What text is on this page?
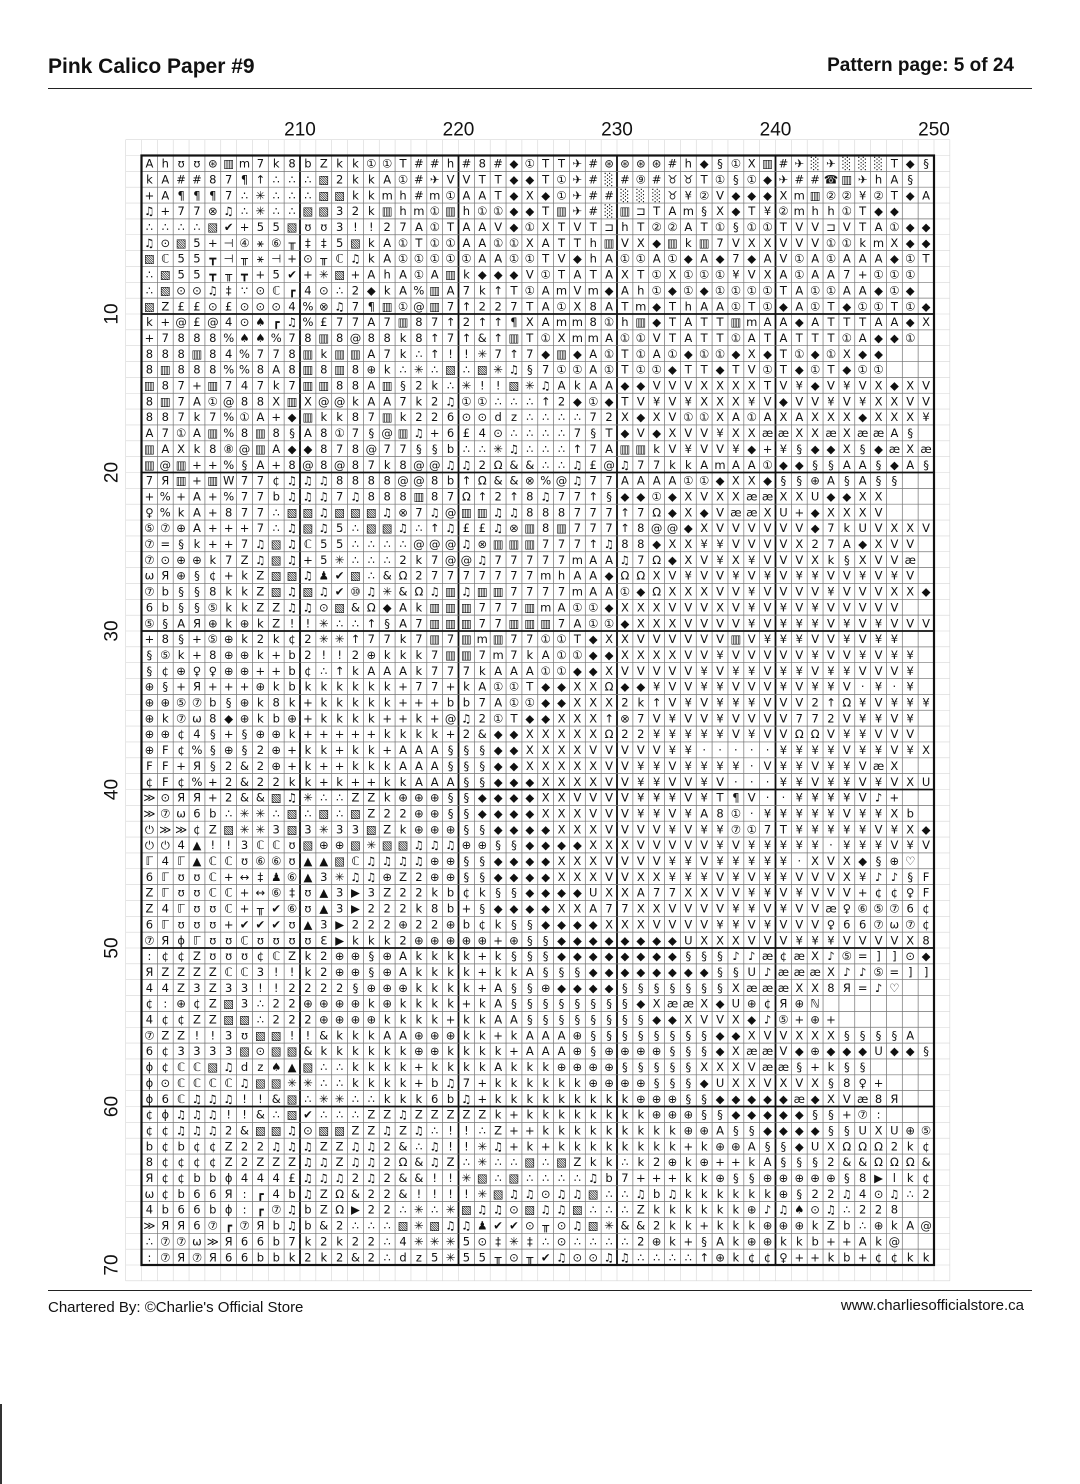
Pink Calico Paper #9	Pattern page: 5 of 24
A h ʊ ʊ ⊛ ▥ m 7 k 8 b Z k k ① ① T # # h # 8 # ◆ ① T T ✈ # ⊛ ⊛ ⊛ ⊛ # h ◆ § ① X ▥ # ✈ ░ ✈ ░ ░ ░ T ◆ §
k A # # 8 7 ¶ ↑ ∴ ∴ ∴ ▧ 2 k k A ① # ✈ V V T T ◆ ◆ T ① ✈ # ░ # ⑨ # ♉ ♉ T ① § ① ◆ ✈ # # ☎ ▥ ✈ h A §
+ A ¶ ¶ ¶ 7 ∴ ✳ ∴ ∴ ∴ ▧ ▧ k k m h # m ① A A T ◆ X ◆ ① ✈ # # ░ ░ ░ ♉ ¥ ② V ◆ ◆ ◆ X m ▥ ② ② ¥ ② T ◆ A
♫ + 7 7 ⊗ ♫ ∴ ✳ ∴ ∴ ▧ ▧ 3 2 k ▥ h m ① ▥ h ① ① ◆ ◆ T ▥ ✈ # ░ ▥ ⊐ T A m § X ◆ T ¥ ② m h h ① T ◆ ◆
∴ ∴ ∴ ∴ ▧ ✔ + 5 5 ▧ ʊ ʊ 3 ! ! 2 7 A ① T A A V ◆ ① X T V T ⊐ h T ② ② A T ① § ① ① T V V ⊐ V T A ① ◆ ◆
♫ ⊙ ▧ 5 + ⊣ ④ ⚹ ⑥ ╥ ‡ ‡ 5 ▧ k A ① T ① ① A A ① ① X A T T h ▥ V X ◆ ▥ k ▥ 7 V X X V V V ① ① k m X ◆ ◆
▧ ℂ 5 5 ┳ ⊣ ╥ ⚹ ⊣ + ⊙ ╥ ℂ ♫ k A ① ① ① ① ① A A ① ① T V ◆ h A ① ① A ① ◆ A ◆ 7 ◆ A V ① A ① A A A ◆ ① T
∴ ▧ 5 5 ┳ ╥ ┳ + 5 ✔ + ✳ ▧ + A h A ① A ▥ k ◆ ◆ ◆ V ① T A T A X T ① X ① ① ① ¥ V X A ① A A 7 + ① ① ①
∴ ▧ ⊙ ⊙ ♫ ‡ ∵ ⊙ ℂ ┏ 4 ⊙ ∴ 2 ◆ k A % ▥ A 7 k ↑ T ① A m V m ◆ A h ① ◆ ① ◆ ① ① ① ① T A ① ① A A ◆ ① ◆
▧ Z £ £ ⊙ £ ⊙ ⊙ ⊙ 4 % ⊗ ♫ 7 ¶ ▥ ① @ ▥ 7 ↑ 2 2 7 T A ① X 8 A T m ◆ T h A A ① T ① ◆ A ① T ◆ ① ① T ① ◆
k + @ £ @ 4 ⊙ ♠ ┏ ♫ % £ 7 7 A 7 ▥ 8 7 ↑ 2 ↑ ↑ ¶ X A m m 8 ① h ▥ ◆ T A T T ▥ m A A ◆ A T T T A A ◆ X
+ 7 8 8 8 % ♠ ♠ % 7 8 ▥ 8 @ 8 8 k 8 ↑ 7 ↑ & ↑ ▥ T ① X m m A ① ① V T A T T ① A T A T T T ① A ◆ ◆ ①
8 8 8 ▥ 8 4 % 7 7 8 ▥ k ▥ ▥ A 7 k ∴ ↑ ! ! ✳ 7 ↑ 7 ◆ ▥ ◆ A ① T ① A ① ◆ ① ① ◆ X ◆ T ① ◆ ① X ◆ ◆
8 ▥ 8 8 8 % % 8 A 8 ▥ 8 ▥ 8 ⊕ k ∴ ✳ ∴ ▧ ∴ ▧ ✳ ♫ § 7 ① ① A ① T ① ① ◆ T T ◆ T V ① T ◆ ① T ◆ ① ①
▥ 8 7 + ▥ 7 4 7 k 7 ▥ ▥ 8 8 A ▥ § 2 k ∴ ✳ ! ! ▧ ✳ ♫ A k A A ◆ ◆ V V V X X X X T V ¥ ◆ V ¥ V X ◆ X V
8 ▥ 7 A ① @ 8 8 X ▥ X @ @ k A A 7 k 2 ♫ ① ① ∴ ∴ ∴ ↑ 2 ◆ ① ◆ T V ¥ V ¥ X X X ¥ V ◆ V V ¥ V ¥ X X V V
8 8 7 k 7 % ① A + ◆ ▥ k k 8 7 ▥ k 2 2 6 ⊙ ⊙ d z ∴ ∴ ∴ ∴ 7 2 X ◆ X V ① ① X A ① A X A X X X ◆ X X X ¥
A 7 ① A ▥ % 8 ▥ 8 § A 8 ① 7 § @ ▥ ♫ + 6 £ 4 ⊙ ∴ ∴ ∴ ∴ 7 § T ◆ V ◆ X V V ¥ X X æ æ X X æ X æ æ A §
▥ A X k 8 ⑧ @ ▥ A ◆ ◆ 8 7 8 @ 7 7 § § b ∴ ∴ ✳ ♫ ∴ ∴ ∴ ↑ 7 A ▥ ▥ k V ¥ V V ¥ ◆ + ¥ § ◆ ◆ X § ◆ æ X æ
▥ @ ▥ + + % § A + 8 @ 8 @ 8 7 k 8 @ @ ♫ ♫ 2 Ω & & ∴ ∴ ♫ £ @ ♫ 7 7 k k A m A A ① ◆ ◆ § § A A § ◆ A §
7 Я ▥ + ▥ W 7 7 ¢ ♫ ♫ ♫ 8 8 8 8 @ @ 8 b ↑ Ω & & ⊗ % @ ♫ 7 7 A A A A ① ① ◆ X X ◆ § § ⊕ A § A § §
+ % + A + % 7 7 b ♫ ♫ ♫ 7 ♫ 8 8 8 ▥ 8 7 Ω ↑ 2 ↑ 8 ♫ 7 7 ↑ § ◆ ◆ ① ◆ X V X X æ æ X X U ◆ ◆ X X
♀ % k A + 8 7 7 ∴ ▧ ▧ ♫ ▧ ▧ ▧ ♫ ⊗ 7 ♫ @ ▥ ▥ ♫ ♫ 8 8 8 7 7 7 ↑ 7 Ω ◆ X ◆ V æ æ X U + ◆ X X X V
⑤ ⑦ ⊕ A + + + 7 ∴ ♫ ▧ ♫ 5 ∴ ▧ ▧ ♫ ∴ ↑ ♫ £ £ ♫ ⊗ ▥ 8 ▥ 7 7 7 ↑ 8 @ @ ◆ X V V V V V V ◆ 7 k U V X X V
⑦ = § k + + 7 ♫ ▧ ♫ ℂ 5 5 ∴ ∴ ∴ ∴ @ @ @ ♫ ⊗ ▥ ▥ ▥ 7 7 7 ↑ ♫ 8 8 ◆ X X ¥ ¥ V V V V X 2 7 A ◆ X V V
⑦ ⊙ ⊕ ⊕ k 7 Z ♫ ▧ ♫ + 5 ✳ ∴ ∴ ∴ 2 k 7 @ @ ♫ 7 7 7 7 7 m A A ♫ 7 Ω ◆ X V ¥ X ¥ V V V X k § X V V æ
ω Я ⊕ § ¢ + k Z ▧ ▧ ♫ ♟ ✔ ▧ ∴ & Ω 2 7 7 7 7 7 7 7 m h A A ◆ Ω Ω X V ¥ V V ¥ V ¥ V ¥ ¥ V V ¥ V ¥ V
⑦ b § § 8 k k Z ▧ ♫ ▧ ♫ ✔ ⑩ ♫ ✳ & Ω ♫ ▥ ♫ ▥ ▥ 7 7 7 7 m A A ① ◆ Ω X X X V V ¥ V V V V ¥ V V V X X ◆
6 b § § ⑤ k k Z Z ♫ ♫ ⊙ ▧ & Ω ◆ A k ▥ ▥ ▥ 7 7 7 ▥ m A ① ① ◆ X X X V V V X V ¥ V ¥ V ¥ V V V V V
⑤ § A Я ⊕ k ⊕ k Z ! ! ✳ ∴ ∴ ↑ § A 7 ▥ ▥ ▥ 7 7 ▥ ▥ ▥ 7 A ① ① ◆ X X X V V V V ¥ V ¥ ¥ ¥ V ¥ V ¥ V V V
+ 8 § + ⑤ ⊕ k 2 k ¢ 2 ✳ ✳ ↑ 7 7 k 7 ▥ 7 ▥ m ▥ 7 7 ① ① T ◆ X X V V V V V V ▥ V ¥ ¥ ¥ V V ¥ V ¥ ¥
§ ⑤ k + 8 ⊕ ⊕ k + b 2 ! ! 2 ⊕ k k k 7 ▥ ▥ 7 m 7 k A ① ① ◆ ◆ X X X X V V ¥ V V V V V ¥ V V ¥ V ¥ ¥
§ ¢ ⊕ ♀ ♀ ⊕ ⊕ + + b ¢ ∴ ↑ k A A A k 7 7 7 k A A A ① ① ◆ ◆ X V V V V V ¥ V ¥ ¥ V ¥ ¥ V ¥ ¥ V V V ¥
⊕ § + Я + + + ⊕ k b k k k k k k + 7 7 + k A ① ① T ◆ ◆ X X Ω ◆ ◆ ¥ V V ¥ ¥ V V V ¥ V ¥ ¥ V · ¥ · ¥
⊕ ⊕ ⑤ ⑦ b § ⊕ k 8 k + k k k k k + + + b b 7 A ① ① ◆ ◆ X X X 2 k ↑ V ¥ V ¥ ¥ ¥ V V V 2 ↑ Ω ¥ V ¥ ¥ ¥
⊕ k ⑦ ω 8 ◆ ⊕ k b ⊕ + k k k k + + k + @ ♫ 2 ① T ◆ ◆ X X X ↑ ⊗ 7 V ¥ V V ¥ V V V V 7 7 2 V ¥ ¥ V ¥
⊕ ⊕ ¢ 4 § + § ⊕ ⊕ k + + + + + k k k k + 2 & ◆ ◆ X X X X X Ω 2 2 ¥ ¥ ¥ ¥ ¥ V ¥ V V Ω Ω V ¥ ¥ V V V
⊕ F ¢ % § ⊕ § 2 ⊕ + k k + k k + A A A § § § ◆ ◆ X X X X V V V V V ¥ ¥ · · · · · ¥ ¥ ¥ ¥ V ¥ ¥ V ¥ X
F F + Я § 2 & 2 ⊕ + k + + k k k A A A § § § ◆ ◆ X X X X X V V ¥ ¥ V ¥ ¥ ¥ ¥ · V ¥ ¥ V ¥ ¥ V æ X
¢ F ¢ % + 2 & 2 2 k k + k + + k k A A A § § ◆ ◆ ◆ X X X X V V ¥ ¥ V V ¥ V · · · ¥ ¥ V ¥ ¥ V ¥ V X U
≫ ⊙ Я Я + 2 & & ▧ ♫ ✳ ∴ ∴ Z Z k ⊕ ⊕ ⊕ § § ◆ ◆ ◆ ◆ X X V V V V ¥ ¥ ¥ V ¥ T ¶ V · · ¥ ¥ ¥ ¥ V ♪ +
≫ ⑦ ω 6 b ∴ ✳ ✳ ∴ ▧ ∴ ▧ ∴ ▧ Z 2 2 ⊕ ⊕ § § ◆ ◆ ◆ ◆ X X X V V V ¥ ¥ V ¥ A 8 ① · ¥ ¥ ¥ ¥ ¥ V ¥ ¥ X b
⏻ ≫ ≫ ¢ Z ▧ ✳ ✳ 3 ▧ 3 ✳ 3 3 ▧ Z k ⊕ ⊕ ⊕ § § ◆ ◆ ◆ ◆ X X X V V V V ¥ V ¥ ¥ ⑦ ① 7 T ¥ ¥ ¥ ¥ ¥ V ¥ X ◆
⏻ ⏻ 4 ▲ ! ! 3 ℂ ℂ ʊ ▧ ⊕ ⊕ ▧ ✳ ▧ ▧ ♫ ♫ ♫ ⊕ ⊕ § § ◆ ◆ ◆ ◆ X X X V V V V V ¥ V ¥ ¥ ¥ ¥ ¥ · ¥ ¥ ¥ V ¥ V
ℾ 4 ℾ ▲ ℂ ℂ ʊ ⑥ ⑥ ʊ ▲ ▲ ▧ ℂ ♫ ♫ ♫ ♫ ⊕ ⊕ § § ◆ ◆ ◆ ◆ X X X V V V V ¥ ¥ V ¥ ¥ ¥ ¥ ¥ · X V X ◆ § ⊕ ♡
6 ℾ ʊ ʊ ℂ + ↔ ‡ ♟ ⑥ ▲ 3 ✳ ♫ ♫ ⊕ Z 2 ⊕ ⊕ § § ◆ ◆ ◆ ◆ X X X V V X X ¥ ¥ ¥ V ¥ V ¥ ¥ V V V X ¥ ♪ ♪ § F
Z ℾ ʊ ʊ ℂ ℂ + ↔ ⑥ ‡ ʊ ▲ 3 ▶ 3 Z 2 2 k b ¢ k § § ◆ ◆ ◆ ◆ U X X A 7 7 X X V V ¥ ¥ V ¥ V V V + ¢ ¢ ♀ F
Z 4 ℾ ʊ ʊ ℂ + ╥ ✔ ⑥ ʊ ▲ 3 ▶ 2 2 2 k 8 b + § ◆ ◆ ◆ ◆ X X A 7 7 X X V V V V ¥ ¥ V ¥ V V æ ♀ ⑥ ⑤ ⑦ 6 ¢
6 ℾ ʊ ʊ ʊ + ✔ ✔ ✔ ʊ ▲ 3 ▶ 2 2 2 ⊕ 2 2 ⊕ b ¢ k § § ◆ ◆ ◆ ◆ X X X V V V V ¥ ¥ V ¥ V V V ♀ 6 6 ⑦ ω ⑦ ¢
⑦ Я ϕ ℾ ʊ ʊ ℂ ʊ ʊ ʊ ʊ Ɛ ▶ k k k 2 ⊕ ⊕ ⊕ ⊕ ⊕ + ⊕ § § ◆ ◆ ◆ ◆ ◆ ◆ ◆ ◆ U X X X V V V ¥ ¥ ¥ V V V V X 8
: ¢ ¢ Z ʊ ʊ ʊ ¢ ℂ Z k 2 ⊕ ⊕ § ⊕ A k k k k + k § § § ◆ ◆ ◆ ◆ ◆ ◆ ◆ ◆ § § § ♪ ♪ æ ¢ æ X ♪ ⑤ = ] ] ⊙ ◆
Я Z Z Z Z ℂ ℂ 3 ! ! k 2 ⊕ ⊕ § ⊕ A k k k k + k k A § § § ◆ ◆ ◆ ◆ ◆ ◆ ◆ ◆ § § U ♪ æ æ æ X ♪ ♪ ⑤ = ] ]
4 4 Z 3 Z 3 3 ! ! 2 2 2 2 § ⊕ ⊕ ⊕ k k k k + A § § ⊕ ◆ ◆ ◆ ◆ § § § § § § § X æ æ æ X X 8 Я = ♪ ♡
¢ : ⊕ ¢ Z ▧ 3 ∴ 2 2 ⊕ ⊕ ⊕ ⊕ k ⊕ k k k k + k A § § § § § § § § ◆ X æ æ X ◆ U ⊕ ¢ Я ⊕ ℕ
4 ¢ ¢ Z Z ▧ ▧ ∴ 2 2 2 ⊕ ⊕ ⊕ ⊕ k k k k + k k A A § § § § § § § § ◆ ◆ X V V X ◆ ♪ ⑤ + ⊕ +
⑦ Z Z ! ! 3 ʊ ▧ ▧ ! ! & k k k A A ⊕ ⊕ ⊕ k k + k A A A ⊕ § § § § § § § § ◆ ◆ X V V X X X § § § § A
6 ¢ 3 3 3 3 ▧ ⊙ ▧ ▧ & k k k k k k ⊕ ⊕ k k k k + A A A ⊕ § ⊕ ⊕ ⊕ ⊕ § § § ◆ X æ æ V ◆ ⊕ ◆ ◆ ◆ U ◆ ◆ §
ϕ ¢ ℂ ℂ ▧ ♫ d z ♠ ▲ ▧ ∴ ∴ k k k k + k k k k A k k k ⊕ ⊕ ⊕ ⊕ § § § § § X X X V æ æ § + k § §
ϕ ⊙ ℂ ℂ ℂ ℂ ♫ ▧ ▧ ✳ ✳ ∴ ∴ k k k k + b ♫ 7 + k k k k k k ⊕ ⊕ ⊕ ⊕ § § § ◆ U X X V X V X § 8 ♀ +
ϕ 6 ℂ ♫ ♫ ♫ ! ! & ▧ ∴ ✳ ✳ ∴ ∴ k k k 6 b ♫ + k k k k k k k k k ⊕ ⊕ ⊕ § § ◆ ◆ ◆ ◆ ◆ æ ◆ X V æ 8 Я
¢ ϕ ♫ ♫ ♫ ! ! & ∴ ▧ ✔ ∴ ∴ ∴ Z Z ♫ Z Z Z Z Z k + k k k k k k k k ⊕ ⊕ ⊕ § § ◆ ◆ ◆ ◆ ◆ § § + ⑦ :
¢ ¢ ♫ ♫ ♫ 2 & ▧ ▧ ♫ ⊙ ▧ ▧ Z Z ♫ Z ♫ ∴ ! ! ∴ Z + + k k k k k k k k k ⊕ ⊕ A § § ◆ ◆ ◆ ◆ § § U X U ⊕ ⑤
b ¢ b ¢ ¢ Z 2 2 ♫ ♫ ♫ Z Z ♫ ♫ 2 & ∴ ♫ ! ! ✳ ♫ + k + k k k k k k k k + k ⊕ ⊕ A § § ◆ U X Ω Ω Ω 2 k ¢
8 ¢ ¢ ¢ ¢ Z 2 Z Z Z ♫ ♫ Z ♫ ♫ 2 Ω & ♫ Z ∴ ✳ ∴ ∴ ▧ ∴ ▧ Z k k ∴ k 2 ⊕ k ⊕ + + k A § § § 2 & & Ω Ω Ω &
Я ¢ ¢ b b ϕ 4 4 4 £ ♫ ♫ ♫ 2 ♫ 2 & & ! ! ✳ ▧ ∴ ▧ ∴ ∴ ∴ ∴ ♫ b 7 + + + k k ⊕ § § ⊕ ⊕ ⊕ ⊕ ⊕ § 8 ▶ l k ¢
ω ¢ b 6 6 Я : ┏ 4 b ♫ Z Ω & 2 2 & ! ! ! ! ✳ ▧ ♫ ♫ ⊙ ♫ ♫ ▧ ∴ ∴ ♫ b ♫ k k k k k k ⊕ § 2 2 ♫ 4 ⊙ ♫ ∴ 2
4 b 6 6 b ϕ : ┏ ⑦ ♫ b Z Ω ▶ 2 2 ∴ ✳ ∴ ✳ ▧ ♫ ♫ ⊙ ▧ ♫ ♫ ▧ ∴ ∴ ∴ Z k k k k k k ⊕ ♪ ♫ ♠ ⊙ ♫ ∴ 2 2 8
≫ Я Я 6 ⑦ ┏ ⑦ Я b ♫ b & 2 ∴ ∴ ∴ ▧ ✳ ▧ ♫ ♫ ♟ ✔ ✔ ⊙ ╥ ⊙ ♫ ▧ ✳ & & 2 k k + k k k ⊕ ⊕ ⊕ k Z b ∴ ⊕ k A @
∴ ⑦ ⑦ ω ≫ Я 6 6 b 7 k 2 k 2 2 ∴ 4 ✳ ✳ ✳ 5 ⊙ ‡ ✳ ‡ ∴ ⊙ ∴ ∴ ∴ ∴ 2 ⊕ k + § A k ⊕ ⊕ k k b + + A k @
: ⑦ Я ⑦ Я 6 6 b b k 2 k 2 & 2 ∴ d z 5 ✳ 5 5 ╥ ⊙ ╥ ✔ ♫ ⊙ ⊙ ♫ ♫ ∴ ∴ ∴ ∴ ↑ ⊕ k ¢ ¢ ♀ + + k b + ¢ ¢ k k
210	220	230	240	250
10
20
30
40
50
60
70
Chartered By: ©Charlie's Official Store	www.charliesofficialstore.ca
